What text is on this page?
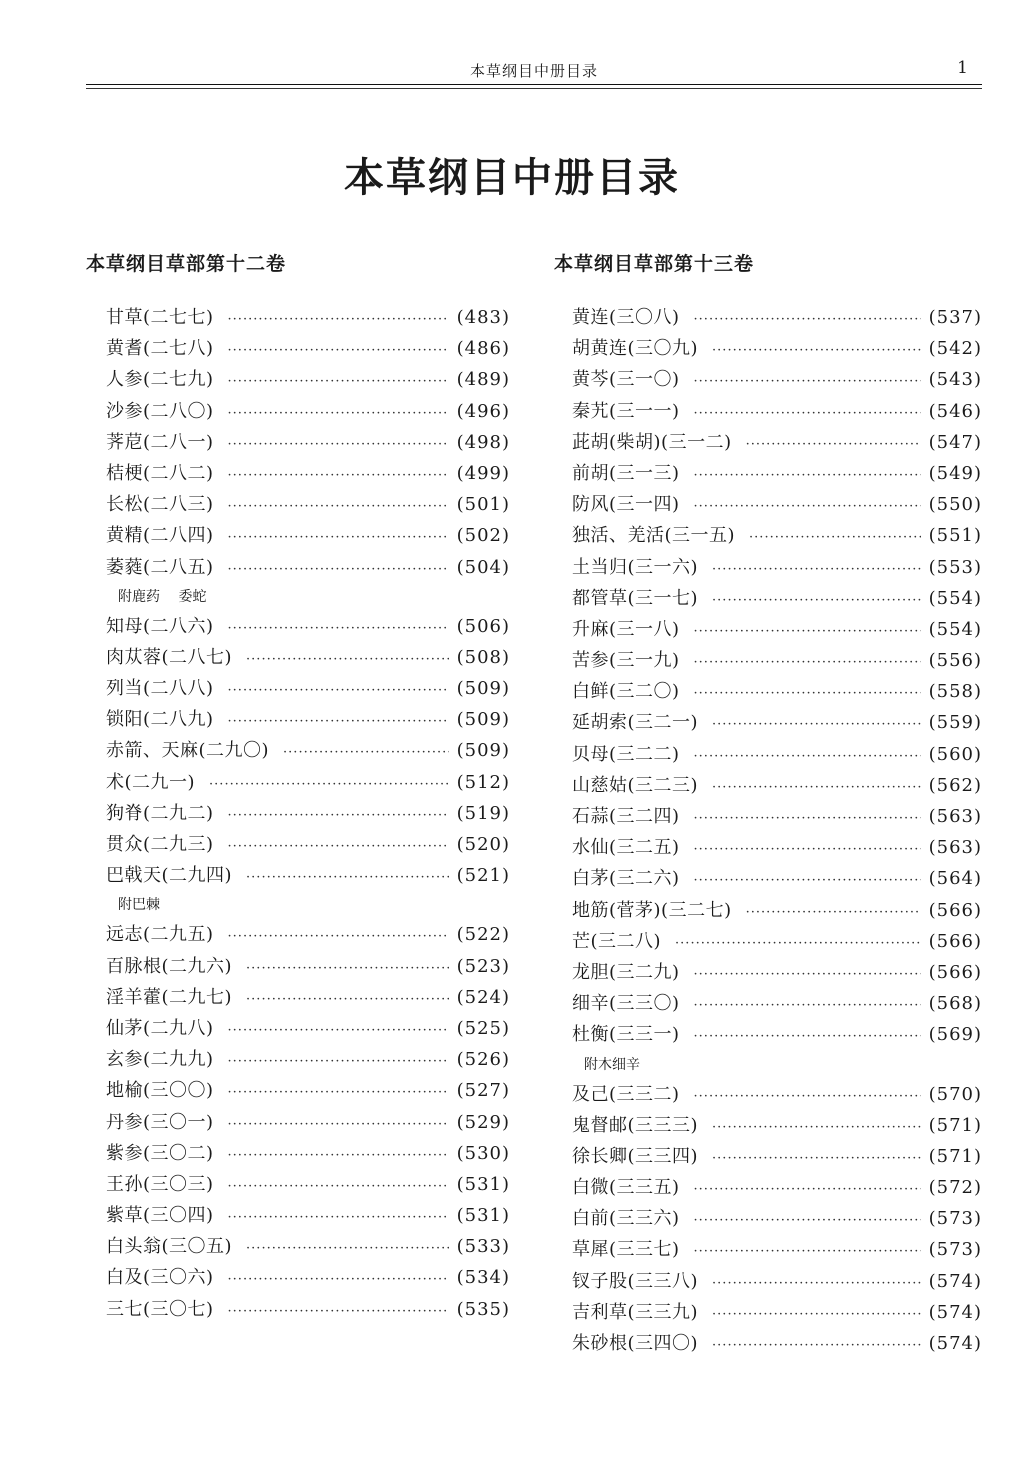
本草纲目中册目录	1
本草纲目中册目录
本草纲目草部第十二卷
甘草(二七七) ·····	(483)
黄耆(二七八) ·····	(486)
人参(二七九) ·····	(489)
沙参(二八〇) ·····	(496)
荠苨(二八一) ·····	(498)
桔梗(二八二) ·····	(499)
长松(二八三) ·····	(501)
黄精(二八四) ·····	(502)
萎蕤(二八五) ·····	(504)
附鹿药 委蛇
知母(二八六) ·····	(506)
肉苁蓉(二八七) ·····	(508)
列当(二八八) ·····	(509)
锁阳(二八九) ·····	(509)
赤箭、天麻(二九〇) ·····	(509)
术(二九一) ·····	(512)
狗脊(二九二) ·····	(519)
贯众(二九三) ·····	(520)
巴戟天(二九四) ·····	(521)
附巴棘
远志(二九五) ·····	(522)
百脉根(二九六) ·····	(523)
淫羊藿(二九七) ·····	(524)
仙茅(二九八) ·····	(525)
玄参(二九九) ·····	(526)
地榆(三〇〇) ·····	(527)
丹参(三〇一) ·····	(529)
紫参(三〇二) ·····	(530)
王孙(三〇三) ·····	(531)
紫草(三〇四) ·····	(531)
白头翁(三〇五) ·····	(533)
白及(三〇六) ·····	(534)
三七(三〇七) ·····	(535)
本草纲目草部第十三卷
黄连(三〇八) ·····	(537)
胡黄连(三〇九) ·····	(542)
黄芩(三一〇) ·····	(543)
秦艽(三一一) ·····	(546)
茈胡(柴胡)(三一二) ·····	(547)
前胡(三一三) ·····	(549)
防风(三一四) ·····	(550)
独活、羌活(三一五) ·····	(551)
土当归(三一六) ·····	(553)
都管草(三一七) ·····	(554)
升麻(三一八) ·····	(554)
苦参(三一九) ·····	(556)
白鲜(三二〇) ·····	(558)
延胡索(三二一) ·····	(559)
贝母(三二二) ·····	(560)
山慈姑(三二三) ·····	(562)
石蒜(三二四) ·····	(563)
水仙(三二五) ·····	(563)
白茅(三二六) ·····	(564)
地筋(菅茅)(三二七) ·····	(566)
芒(三二八) ·····	(566)
龙胆(三二九) ·····	(566)
细辛(三三〇) ·····	(568)
杜衡(三三一) ·····	(569)
附木细辛
及己(三三二) ·····	(570)
鬼督邮(三三三) ·····	(571)
徐长卿(三三四) ·····	(571)
白微(三三五) ·····	(572)
白前(三三六) ·····	(573)
草犀(三三七) ·····	(573)
钗子股(三三八) ·····	(574)
吉利草(三三九) ·····	(574)
朱砂根(三四〇) ·····	(574)
